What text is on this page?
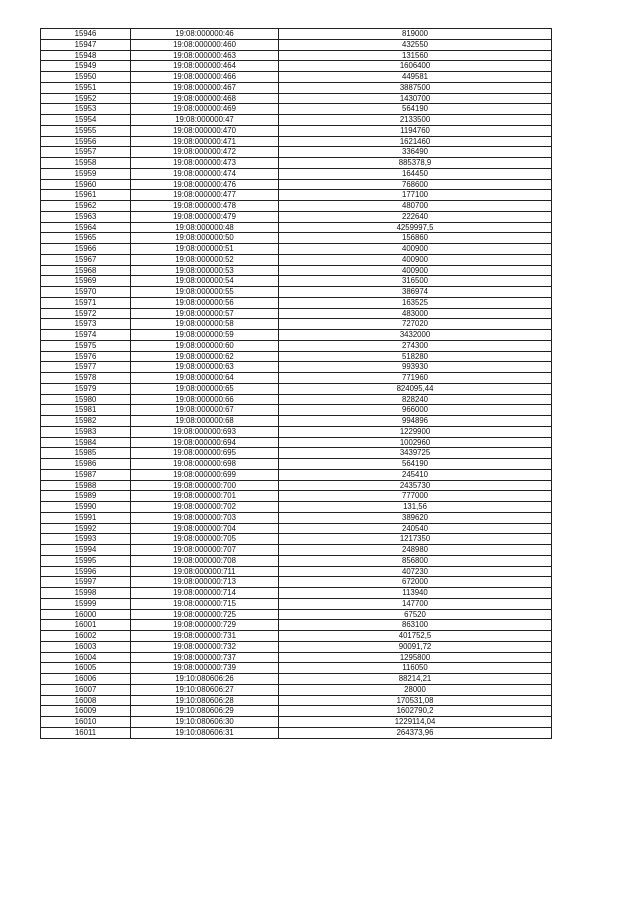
15946	19:08:000000:46	819000
15947	19:08:000000:460	432550
15948	19:08:000000:463	131560
15949	19:08:000000:464	1606400
15950	19:08:000000:466	449581
15951	19:08:000000:467	3887500
15952	19:08:000000:468	1430700
15953	19:08:000000:469	564190
15954	19:08:000000:47	2133500
15955	19:08:000000:470	1194760
15956	19:08:000000:471	1621460
15957	19:08:000000:472	336490
15958	19:08:000000:473	885378,9
15959	19:08:000000:474	164450
15960	19:08:000000:476	768600
15961	19:08:000000:477	177100
15962	19:08:000000:478	480700
15963	19:08:000000:479	222640
15964	19:08:000000:48	4259997,5
15965	19:08:000000:50	156860
15966	19:08:000000:51	400900
15967	19:08:000000:52	400900
15968	19:08:000000:53	400900
15969	19:08:000000:54	316500
15970	19:08:000000:55	386974
15971	19:08:000000:56	163525
15972	19:08:000000:57	483000
15973	19:08:000000:58	727020
15974	19:08:000000:59	3432000
15975	19:08:000000:60	274300
15976	19:08:000000:62	518280
15977	19:08:000000:63	993930
15978	19:08:000000:64	771960
15979	19:08:000000:65	824095,44
15980	19:08:000000:66	828240
15981	19:08:000000:67	966000
15982	19:08:000000:68	994896
15983	19:08:000000:693	1229900
15984	19:08:000000:694	1002960
15985	19:08:000000:695	3439725
15986	19:08:000000:698	564190
15987	19:08:000000:699	245410
15988	19:08:000000:700	2435730
15989	19:08:000000:701	777000
15990	19:08:000000:702	131,56
15991	19:08:000000:703	389620
15992	19:08:000000:704	240540
15993	19:08:000000:705	1217350
15994	19:08:000000:707	248980
15995	19:08:000000:708	856800
15996	19:08:000000:711	407230
15997	19:08:000000:713	672000
15998	19:08:000000:714	113940
15999	19:08:000000:715	147700
16000	19:08:000000:725	67520
16001	19:08:000000:729	863100
16002	19:08:000000:731	401752,5
16003	19:08:000000:732	90091,72
16004	19:08:000000:737	1295800
16005	19:08:000000:739	116050
16006	19:10:080606:26	88214,21
16007	19:10:080606:27	28000
16008	19:10:080606:28	170531,08
16009	19:10:080606:29	1602790,2
16010	19:10:080606:30	1229114,04
16011	19:10:080606:31	264373,96
